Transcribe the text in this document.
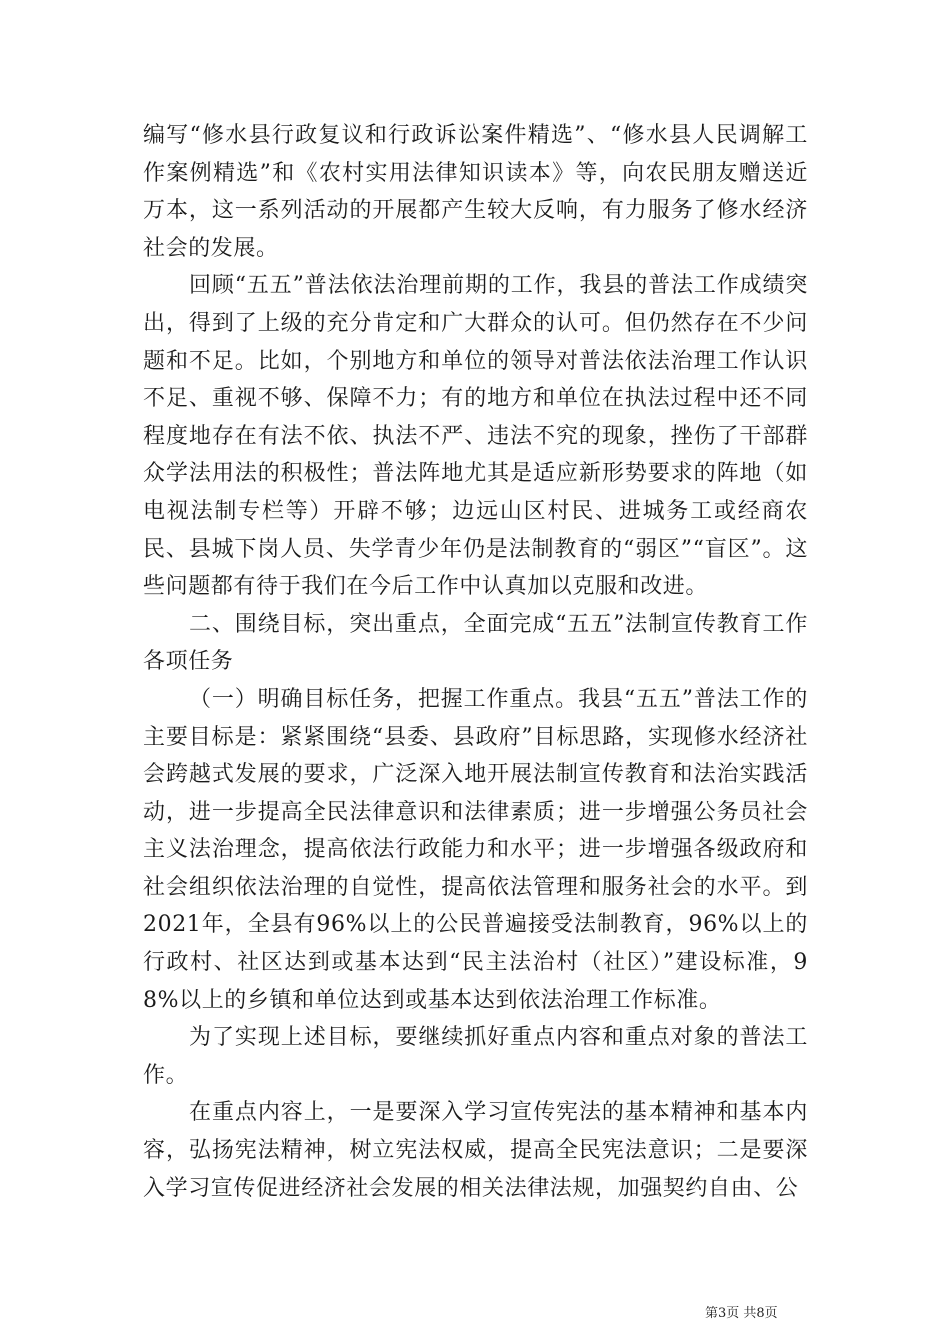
编写“修水县行政复议和行政诉讼案件精选”、“修水县人民调解工作案例精选”和《农村实用法律知识读本》等，向农民朋友赠送近万本，这一系列活动的开展都产生较大反响，有力服务了修水经济社会的发展。

回顾“五五”普法依法治理前期的工作，我县的普法工作成绩突出，得到了上级的充分肯定和广大群众的认可。但仍然存在不少问题和不足。比如，个别地方和单位的领导对普法依法治理工作认识不足、重视不够、保障不力；有的地方和单位在执法过程中还不同程度地存在有法不依、执法不严、违法不究的现象，挫伤了干部群众学法用法的积极性；普法阵地尤其是适应新形势要求的阵地（如电视法制专栏等）开辟不够；边远山区村民、进城务工或经商农民、县城下岗人员、失学青少年仍是法制教育的“弱区”“盲区”。这些问题都有待于我们在今后工作中认真加以克服和改进。

二、围绕目标，突出重点，全面完成“五五”法制宣传教育工作各项任务

（一）明确目标任务，把握工作重点。我县“五五”普法工作的主要目标是：紧紧围绕“县委、县政府”目标思路，实现修水经济社会跨越式发展的要求，广泛深入地开展法制宣传教育和法治实践活动，进一步提高全民法律意识和法律素质；进一步增强公务员社会主义法治理念，提高依法行政能力和水平；进一步增强各级政府和社会组织依法治理的自觉性，提高依法管理和服务社会的水平。到2021年，全县有96%以上的公民普遍接受法制教育，96%以上的行政村、社区达到或基本达到“民主法治村（社区）”建设标准，98%以上的乡镇和单位达到或基本达到依法治理工作标准。

为了实现上述目标，要继续抓好重点内容和重点对象的普法工作。

在重点内容上，一是要深入学习宣传宪法的基本精神和基本内容，弘扬宪法精神，树立宪法权威，提高全民宪法意识；二是要深入学习宣传促进经济社会发展的相关法律法规，加强契约自由、公

第3页 共8页
